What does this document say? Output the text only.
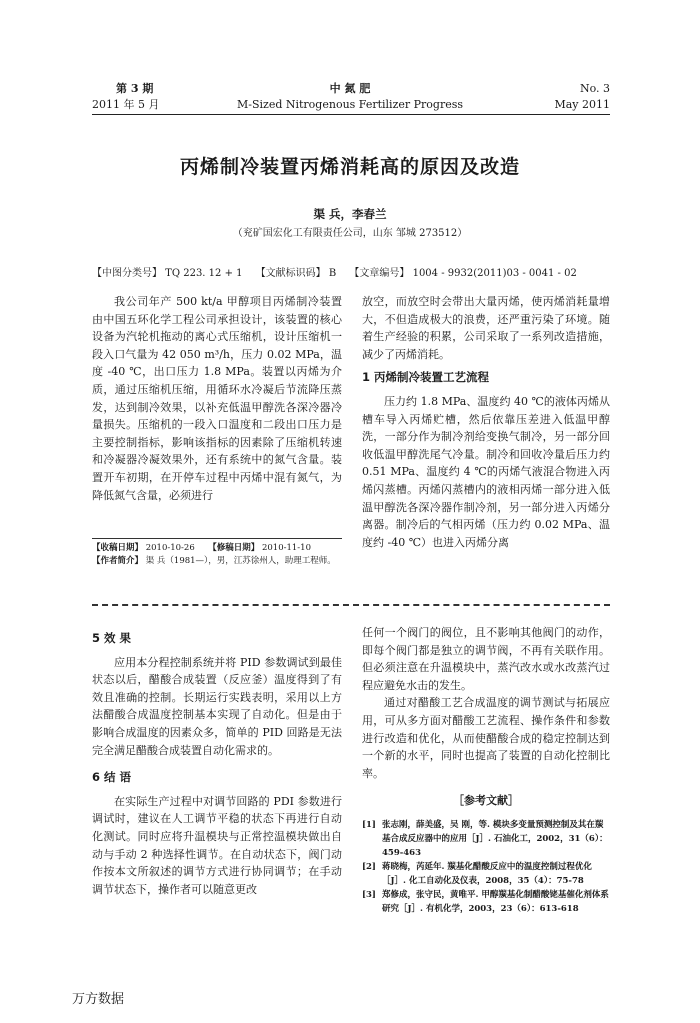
第 3 期
2011 年 5 月
中 氮 肥
M-Sized Nitrogenous Fertilizer Progress
No. 3
May 2011
丙烯制冷装置丙烯消耗高的原因及改造
渠 兵，李春兰
（兖矿国宏化工有限责任公司，山东 邹城 273512）
【中图分类号】 TQ 223. 12 + 1 【文献标识码】 B 【文章编号】 1004 - 9932(2011)03 - 0041 - 02

我公司年产 500 kt/a 甲醇项目丙烯制冷装置由中国五环化学工程公司承担设计，该装置的核心设备为汽轮机拖动的离心式压缩机，设计压缩机一段入口气量为 42 050 m³/h，压力 0.02 MPa，温度 -40 ℃，出口压力 1.8 MPa。装置以丙烯为介质，通过压缩机压缩，用循环水冷凝后节流降压蒸发，达到制冷效果，以补充低温甲醇洗各深冷器冷量损失。压缩机的一段入口温度和二段出口压力是主要控制指标，影响该指标的因素除了压缩机转速和冷凝器冷凝效果外，还有系统中的氮气含量。装置开车初期，在开停车过程中丙烯中混有氮气，为降低氮气含量，必须进行

【收稿日期】 2010-10-26 【修稿日期】 2010-11-10
【作者简介】 渠 兵（1981—），男，江苏徐州人，助理工程师。

放空，而放空时会带出大量丙烯，使丙烯消耗量增大，不但造成极大的浪费，还严重污染了环境。随着生产经验的积累，公司采取了一系列改造措施，减少了丙烯消耗。

1 丙烯制冷装置工艺流程

压力约 1.8 MPa、温度约 40 ℃的液体丙烯从槽车导入丙烯贮槽，然后依靠压差进入低温甲醇洗，一部分作为制冷剂给变换气制冷，另一部分回收低温甲醇洗尾气冷量。制冷和回收冷量后压力约 0.51 MPa、温度约 4 ℃的丙烯气液混合物进入丙烯闪蒸槽。丙烯闪蒸槽内的液相丙烯一部分进入低温甲醇洗各深冷器作制冷剂，另一部分进入丙烯分离器。制冷后的气相丙烯（压力约 0.02 MPa、温度约 -40 ℃）也进入丙烯分离

5 效 果

应用本分程控制系统并将 PID 参数调试到最佳状态以后，醋酸合成装置（反应釜）温度得到了有效且准确的控制。长期运行实践表明，采用以上方法醋酸合成温度控制基本实现了自动化。但是由于影响合成温度的因素众多，简单的 PID 回路是无法完全满足醋酸合成装置自动化需求的。

6 结 语

在实际生产过程中对调节回路的 PDI 参数进行调试时，建议在人工调节平稳的状态下再进行自动化测试。同时应将升温模块与正常控温模块做出自动与手动 2 种选择性调节。在自动状态下，阀门动作按本文所叙述的调节方式进行协同调节；在手动调节状态下，操作者可以随意更改

任何一个阀门的阀位，且不影响其他阀门的动作，即每个阀门都是独立的调节阀，不再有关联作用。但必须注意在升温模块中，蒸汽改水或水改蒸汽过程应避免水击的发生。

通过对醋酸工艺合成温度的调节测试与拓展应用，可从多方面对醋酸工艺流程、操作条件和参数进行改造和优化，从而使醋酸合成的稳定控制达到一个新的水平，同时也提高了装置的自动化控制比率。

［参考文献］
[1] 张志刚，薛美盛，吴 刚，等. 模块多变量预测控制及其在羰基合成反应器中的应用［J］. 石油化工，2002，31（6）：459-463
[2] 蒋晓梅，芮延年. 羰基化醋酸反应中的温度控制过程优化［J］. 化工自动化及仪表，2008，35（4）：75-78
[3] 郑修成，张守民，黄唯平. 甲醇羰基化制醋酸铑基催化剂体系研究［J］. 有机化学，2003，23（6）：613-618
万方数据
